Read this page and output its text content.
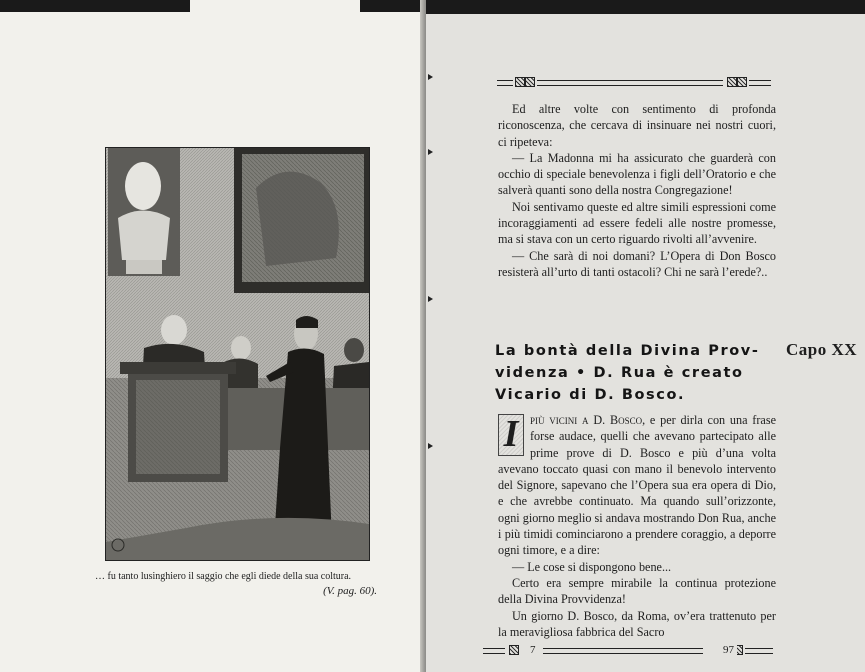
… fu tanto lusinghiero il saggio che egli diede della sua coltura.
(V. pag. 60).

Ed altre volte con sentimento di profonda riconoscenza, che cercava di insinuare nei nostri cuori, ci ripeteva:

— La Madonna mi ha assicurato che guarderà con occhio di speciale benevolenza i figli dell’Oratorio e che salverà quanti sono della nostra Congregazione!

Noi sentivamo queste ed altre simili espressioni come incoraggiamenti ad essere fedeli alle nostre promesse, ma si stava con un certo riguardo rivolti all’avvenire.

— Che sarà di noi domani? L’Opera di Don Bosco resisterà all’urto di tanti ostacoli? Chi ne sarà l’erede?..

La bontà della Divina Prov-
videnza • D. Rua è creato
Vicario di D. Bosco.
Capo XX

I più vicini a D. Bosco, e per dirla con una frase forse audace, quelli che avevano partecipato alle prime prove di D. Bosco e più d’una volta avevano toccato quasi con mano il benevolo intervento del Signore, sapevano che l’Opera sua era opera di Dio, e che avrebbe continuato. Ma quando sull’orizzonte, ogni giorno meglio si andava mostrando Don Rua, anche i più timidi cominciarono a prendere coraggio, a deporre ogni timore, e a dire:

— Le cose si dispongono bene...

Certo era sempre mirabile la continua protezione della Divina Provvidenza!

Un giorno D. Bosco, da Roma, ov’era trattenuto per la meravigliosa fabbrica del Sacro

7	97
